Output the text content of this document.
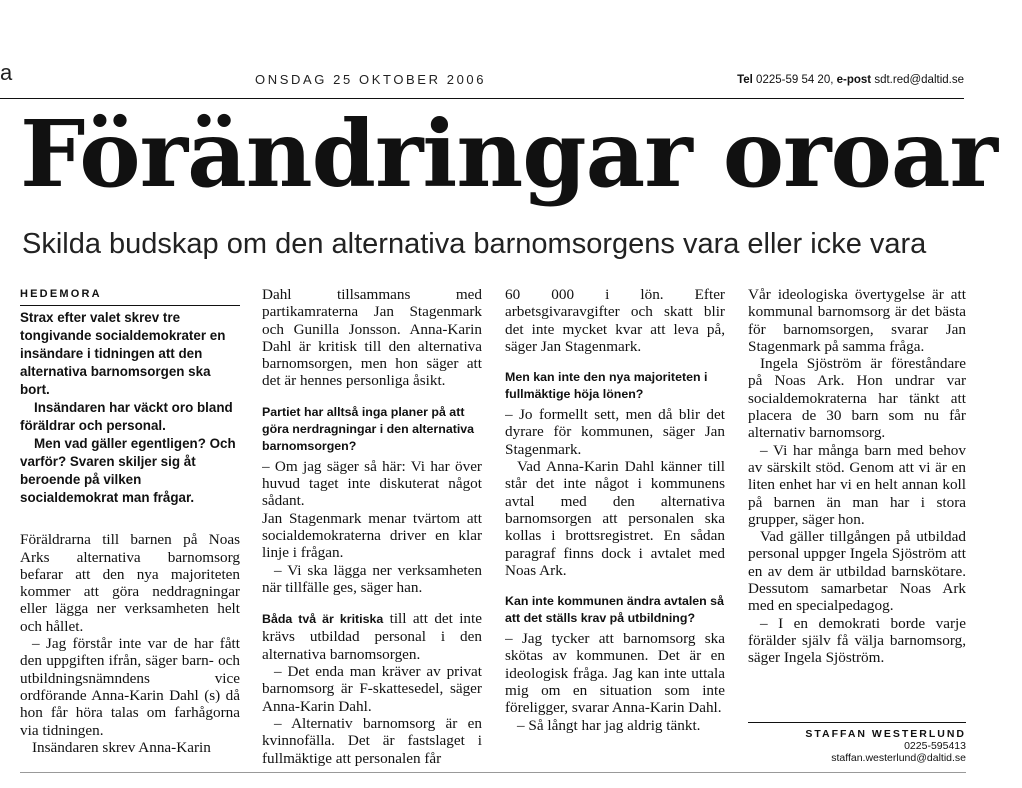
a	ONSDAG 25 OKTOBER 2006	Tel 0225-59 54 20, e-post sdt.red@daltid.se
Förändringar oroar
Skilda budskap om den alternativa barnomsorgens vara eller icke vara
HEDEMORA

Strax efter valet skrev tre tongivande socialdemokrater en insändare i tidningen att den alternativa barnomsorgen ska bort.

Insändaren har väckt oro bland föräldrar och personal.

Men vad gäller egentligen? Och varför? Svaren skiljer sig åt beroende på vilken socialdemokrat man frågar.

Föräldrarna till barnen på Noas Arks alternativa barnomsorg befarar att den nya majoriteten kommer att göra neddragningar eller lägga ner verksamheten helt och hållet.

– Jag förstår inte var de har fått den uppgiften ifrån, säger barn- och utbildningsnämndens vice ordförande Anna-Karin Dahl (s) då hon får höra talas om farhågorna via tidningen.

Insändaren skrev Anna-Karin

Dahl tillsammans med partikamraterna Jan Stagenmark och Gunilla Jonsson. Anna-Karin Dahl är kritisk till den alternativa barnomsorgen, men hon säger att det är hennes personliga åsikt.

Partiet har alltså inga planer på att göra nerdragningar i den alternativa barnomsorgen?

– Om jag säger så här: Vi har över huvud taget inte diskuterat något sådant.

Jan Stagenmark menar tvärtom att socialdemokraterna driver en klar linje i frågan.

– Vi ska lägga ner verksamheten när tillfälle ges, säger han.

Båda två är kritiska till att det inte krävs utbildad personal i den alternativa barnomsorgen.

– Det enda man kräver av privat barnomsorg är F-skattesedel, säger Anna-Karin Dahl.

– Alternativ barnomsorg är en kvinnofälla. Det är fastslaget i fullmäktige att personalen får

60 000 i lön. Efter arbetsgivaravgifter och skatt blir det inte mycket kvar att leva på, säger Jan Stagenmark.

Men kan inte den nya majoriteten i fullmäktige höja lönen?

– Jo formellt sett, men då blir det dyrare för kommunen, säger Jan Stagenmark.

Vad Anna-Karin Dahl känner till står det inte något i kommunens avtal med den alternativa barnomsorgen att personalen ska kollas i brottsregistret. En sådan paragraf finns dock i avtalet med Noas Ark.

Kan inte kommunen ändra avtalen så att det ställs krav på utbildning?

– Jag tycker att barnomsorg ska skötas av kommunen. Det är en ideologisk fråga. Jag kan inte uttala mig om en situation som inte föreligger, svarar Anna-Karin Dahl.

– Så långt har jag aldrig tänkt.

Vår ideologiska övertygelse är att kommunal barnomsorg är det bästa för barnomsorgen, svarar Jan Stagenmark på samma fråga.

Ingela Sjöström är föreståndare på Noas Ark. Hon undrar var socialdemokraterna har tänkt att placera de 30 barn som nu får alternativ barnomsorg.

– Vi har många barn med behov av särskilt stöd. Genom att vi är en liten enhet har vi en helt annan koll på barnen än man har i stora grupper, säger hon.

Vad gäller tillgången på utbildad personal uppger Ingela Sjöström att en av dem är utbildad barnskötare. Dessutom samarbetar Noas Ark med en specialpedagog.

– I en demokrati borde varje förälder själv få välja barnomsorg, säger Ingela Sjöström.

STAFFAN WESTERLUND
0225-595413
staffan.westerlund@daltid.se
